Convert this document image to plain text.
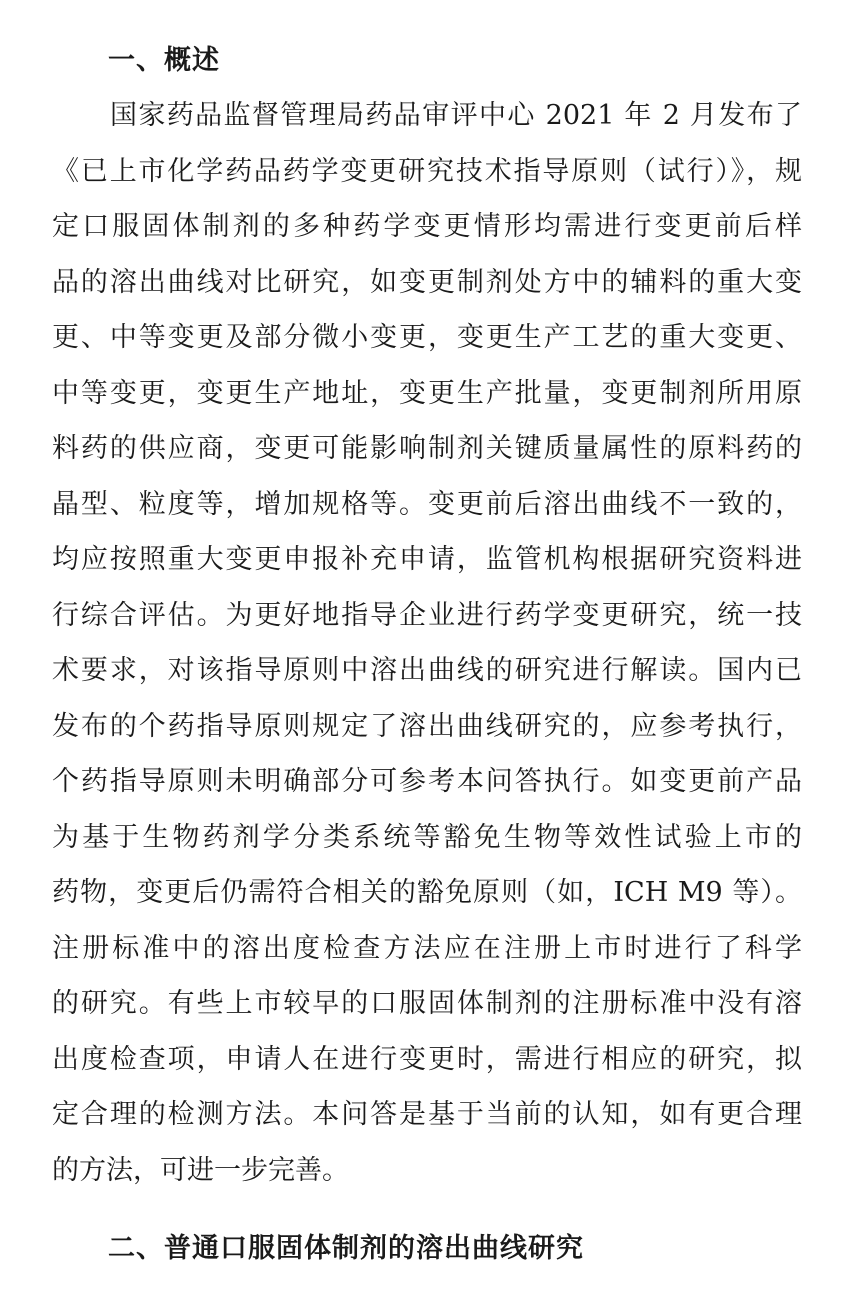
一、概述
国家药品监督管理局药品审评中心 2021 年 2 月发布了
《已上市化学药品药学变更研究技术指导原则（试行）》，规
定口服固体制剂的多种药学变更情形均需进行变更前后样
品的溶出曲线对比研究，如变更制剂处方中的辅料的重大变
更、中等变更及部分微小变更，变更生产工艺的重大变更、
中等变更，变更生产地址，变更生产批量，变更制剂所用原
料药的供应商，变更可能影响制剂关键质量属性的原料药的
晶型、粒度等，增加规格等。变更前后溶出曲线不一致的，
均应按照重大变更申报补充申请，监管机构根据研究资料进
行综合评估。为更好地指导企业进行药学变更研究，统一技
术要求，对该指导原则中溶出曲线的研究进行解读。国内已
发布的个药指导原则规定了溶出曲线研究的，应参考执行，
个药指导原则未明确部分可参考本问答执行。如变更前产品
为基于生物药剂学分类系统等豁免生物等效性试验上市的
药物，变更后仍需符合相关的豁免原则（如，ICH M9 等）。
注册标准中的溶出度检查方法应在注册上市时进行了科学
的研究。有些上市较早的口服固体制剂的注册标准中没有溶
出度检查项，申请人在进行变更时，需进行相应的研究，拟
定合理的检测方法。本问答是基于当前的认知，如有更合理
的方法，可进一步完善。
二、普通口服固体制剂的溶出曲线研究
